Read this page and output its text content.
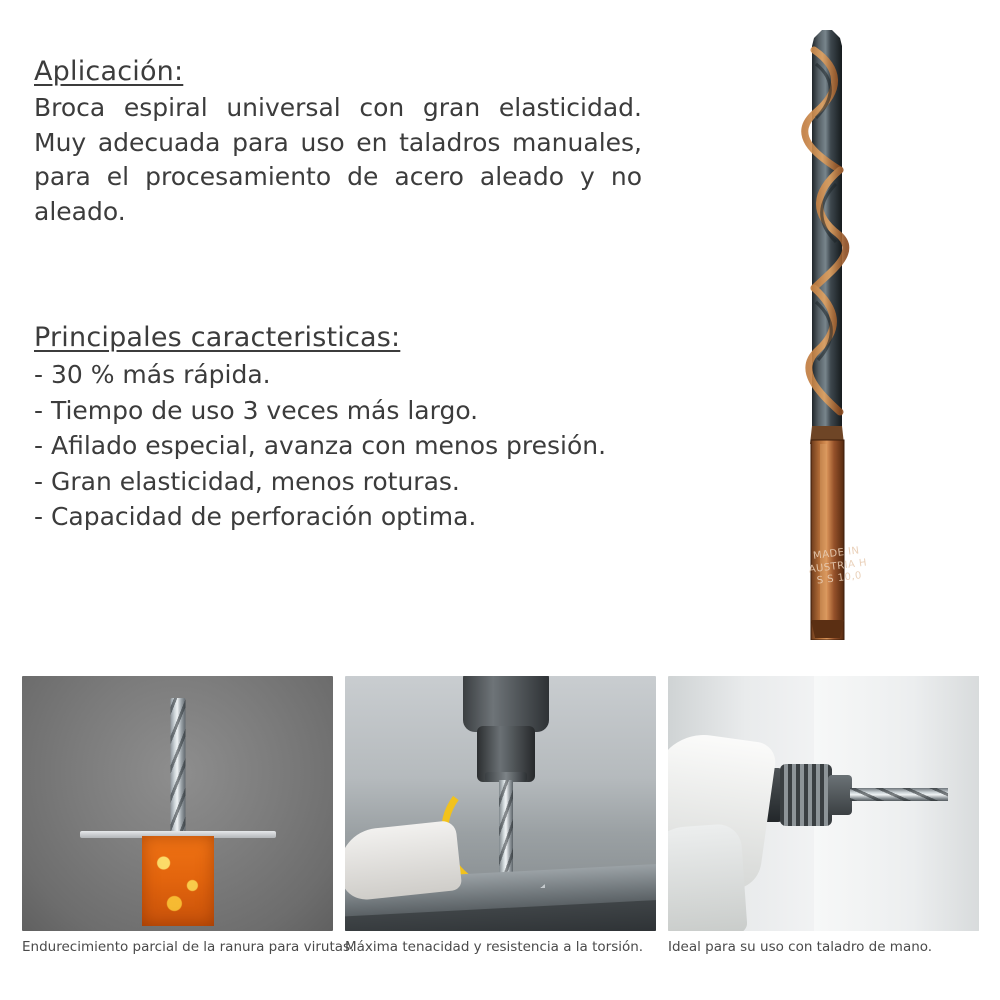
Aplicación:

Broca espiral universal con gran elasticidad. Muy adecuada para uso en taladros manuales, para el procesamiento de acero aleado y no aleado.

Principales caracteristicas:
- 30 % más rápida.
- Tiempo de uso 3 veces más largo.
- Afilado especial, avanza con menos presión.
- Gran elasticidad, menos roturas.
- Capacidad de perforación optima.
MADE IN AUSTRIA H S S 10,0
Endurecimiento parcial de la ranura para virutas.
Máxima tenacidad y resistencia a la torsión.	Ideal para su uso con taladro de mano.
